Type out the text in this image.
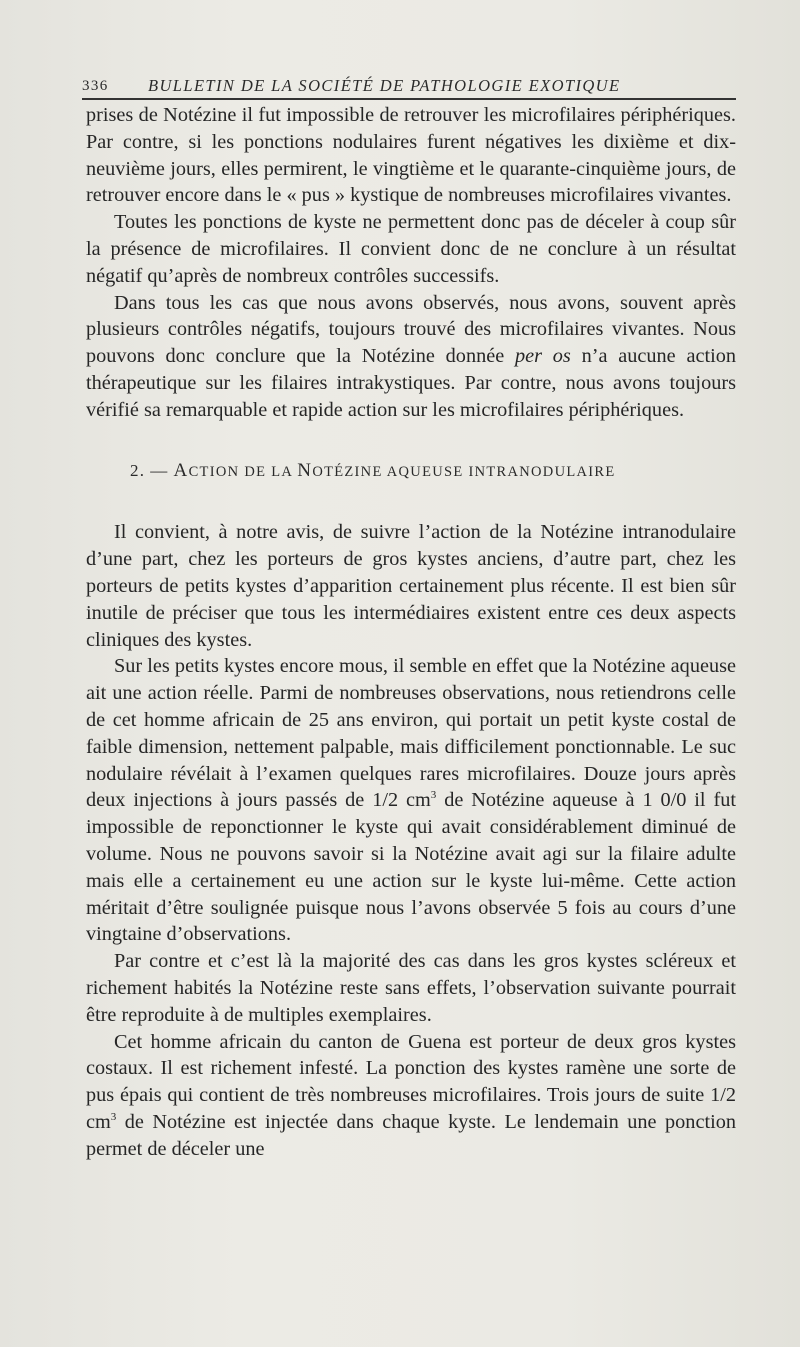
336 BULLETIN DE LA SOCIÉTÉ DE PATHOLOGIE EXOTIQUE

prises de Notézine il fut impossible de retrouver les microfilaires périphériques. Par contre, si les ponctions nodulaires furent négatives les dixième et dix-neuvième jours, elles permirent, le vingtième et le quarante-cinquième jours, de retrouver encore dans le « pus » kystique de nombreuses microfilaires vivantes.

Toutes les ponctions de kyste ne permettent donc pas de déceler à coup sûr la présence de microfilaires. Il convient donc de ne conclure à un résultat négatif qu’après de nombreux contrôles successifs.

Dans tous les cas que nous avons observés, nous avons, souvent après plusieurs contrôles négatifs, toujours trouvé des microfilaires vivantes. Nous pouvons donc conclure que la Notézine donnée per os n’a aucune action thérapeutique sur les filaires intrakystiques. Par contre, nous avons toujours vérifié sa remarquable et rapide action sur les microfilaires périphériques.

2. — ACTION DE LA NOTÉZINE AQUEUSE INTRANODULAIRE

Il convient, à notre avis, de suivre l’action de la Notézine intranodulaire d’une part, chez les porteurs de gros kystes anciens, d’autre part, chez les porteurs de petits kystes d’apparition certainement plus récente. Il est bien sûr inutile de préciser que tous les intermédiaires existent entre ces deux aspects cliniques des kystes.

Sur les petits kystes encore mous, il semble en effet que la Notézine aqueuse ait une action réelle. Parmi de nombreuses observations, nous retiendrons celle de cet homme africain de 25 ans environ, qui portait un petit kyste costal de faible dimension, nettement palpable, mais difficilement ponctionnable. Le suc nodulaire révélait à l’examen quelques rares microfilaires. Douze jours après deux injections à jours passés de 1/2 $cm^3$ de Notézine aqueuse à 1 0/0 il fut impossible de reponctionner le kyste qui avait considérablement diminué de volume. Nous ne pouvons savoir si la Notézine avait agi sur la filaire adulte mais elle a certainement eu une action sur le kyste lui-même. Cette action méritait d’être soulignée puisque nous l’avons observée 5 fois au cours d’une vingtaine d’observations.

Par contre et c’est là la majorité des cas dans les gros kystes scléreux et richement habités la Notézine reste sans effets, l’observation suivante pourrait être reproduite à de multiples exemplaires.

Cet homme africain du canton de Guena est porteur de deux gros kystes costaux. Il est richement infesté. La ponction des kystes ramène une sorte de pus épais qui contient de très nombreuses microfilaires. Trois jours de suite 1/2 $cm^3$ de Notézine est injectée dans chaque kyste. Le lendemain une ponction permet de déceler une
